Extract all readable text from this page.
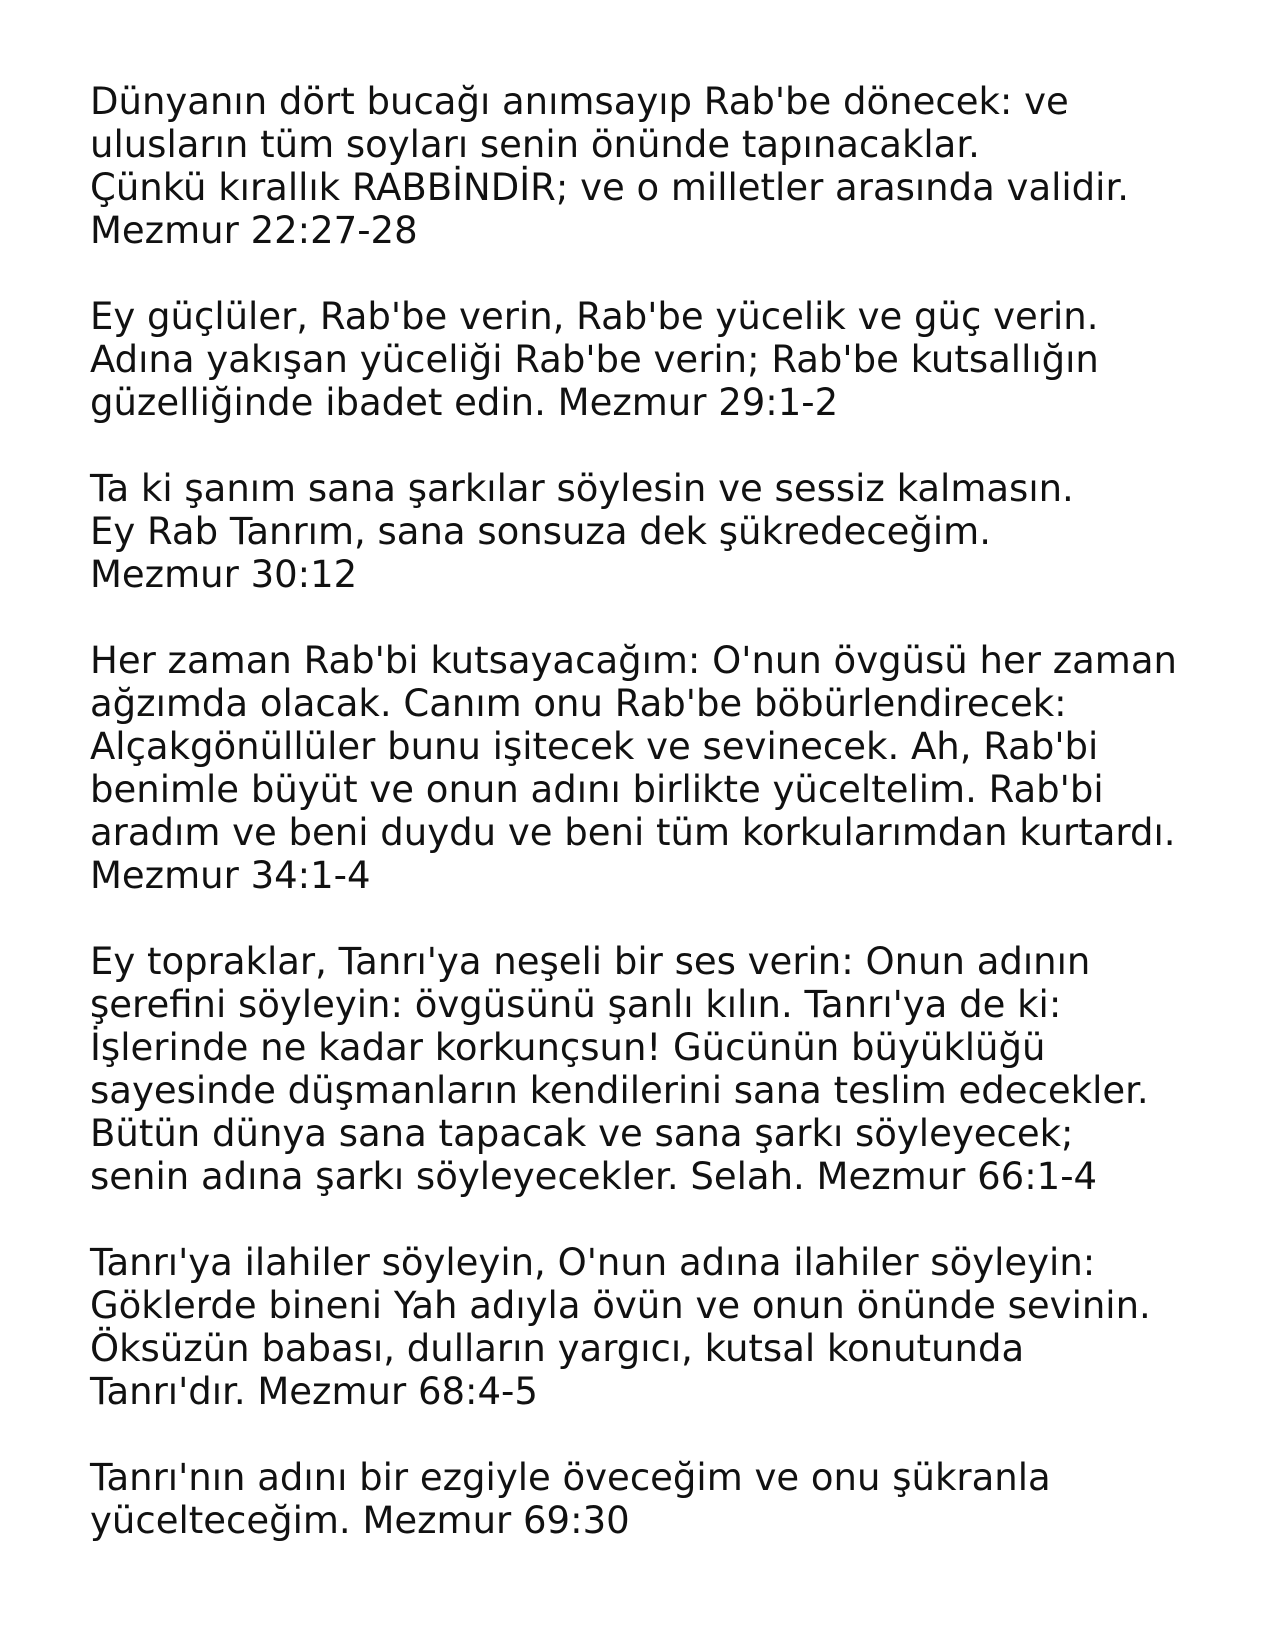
Dünyanın dört bucağı anımsayıp Rab'be dönecek: ve
ulusların tüm soyları senin önünde tapınacaklar.
Çünkü kırallık RABBİNDİR; ve o milletler arasında validir.
Mezmur 22:27-28
Ey güçlüler, Rab'be verin, Rab'be yücelik ve güç verin.
Adına yakışan yüceliği Rab'be verin; Rab'be kutsallığın
güzelliğinde ibadet edin. Mezmur 29:1-2
Ta ki şanım sana şarkılar söylesin ve sessiz kalmasın.
Ey Rab Tanrım, sana sonsuza dek şükredeceğim.
Mezmur 30:12
Her zaman Rab'bi kutsayacağım: O'nun övgüsü her zaman
ağzımda olacak. Canım onu Rab'be böbürlendirecek:
Alçakgönüllüler bunu işitecek ve sevinecek. Ah, Rab'bi
benimle büyüt ve onun adını birlikte yüceltelim. Rab'bi
aradım ve beni duydu ve beni tüm korkularımdan kurtardı.
Mezmur 34:1-4
Ey topraklar, Tanrı'ya neşeli bir ses verin: Onun adının
şerefini söyleyin: övgüsünü şanlı kılın. Tanrı'ya de ki:
İşlerinde ne kadar korkunçsun! Gücünün büyüklüğü
sayesinde düşmanların kendilerini sana teslim edecekler.
Bütün dünya sana tapacak ve sana şarkı söyleyecek;
senin adına şarkı söyleyecekler. Selah. Mezmur 66:1-4
Tanrı'ya ilahiler söyleyin, O'nun adına ilahiler söyleyin:
Göklerde bineni Yah adıyla övün ve onun önünde sevinin.
Öksüzün babası, dulların yargıcı, kutsal konutunda
Tanrı'dır. Mezmur 68:4-5
Tanrı'nın adını bir ezgiyle öveceğim ve onu şükranla
yücelteceğim. Mezmur 69:30
